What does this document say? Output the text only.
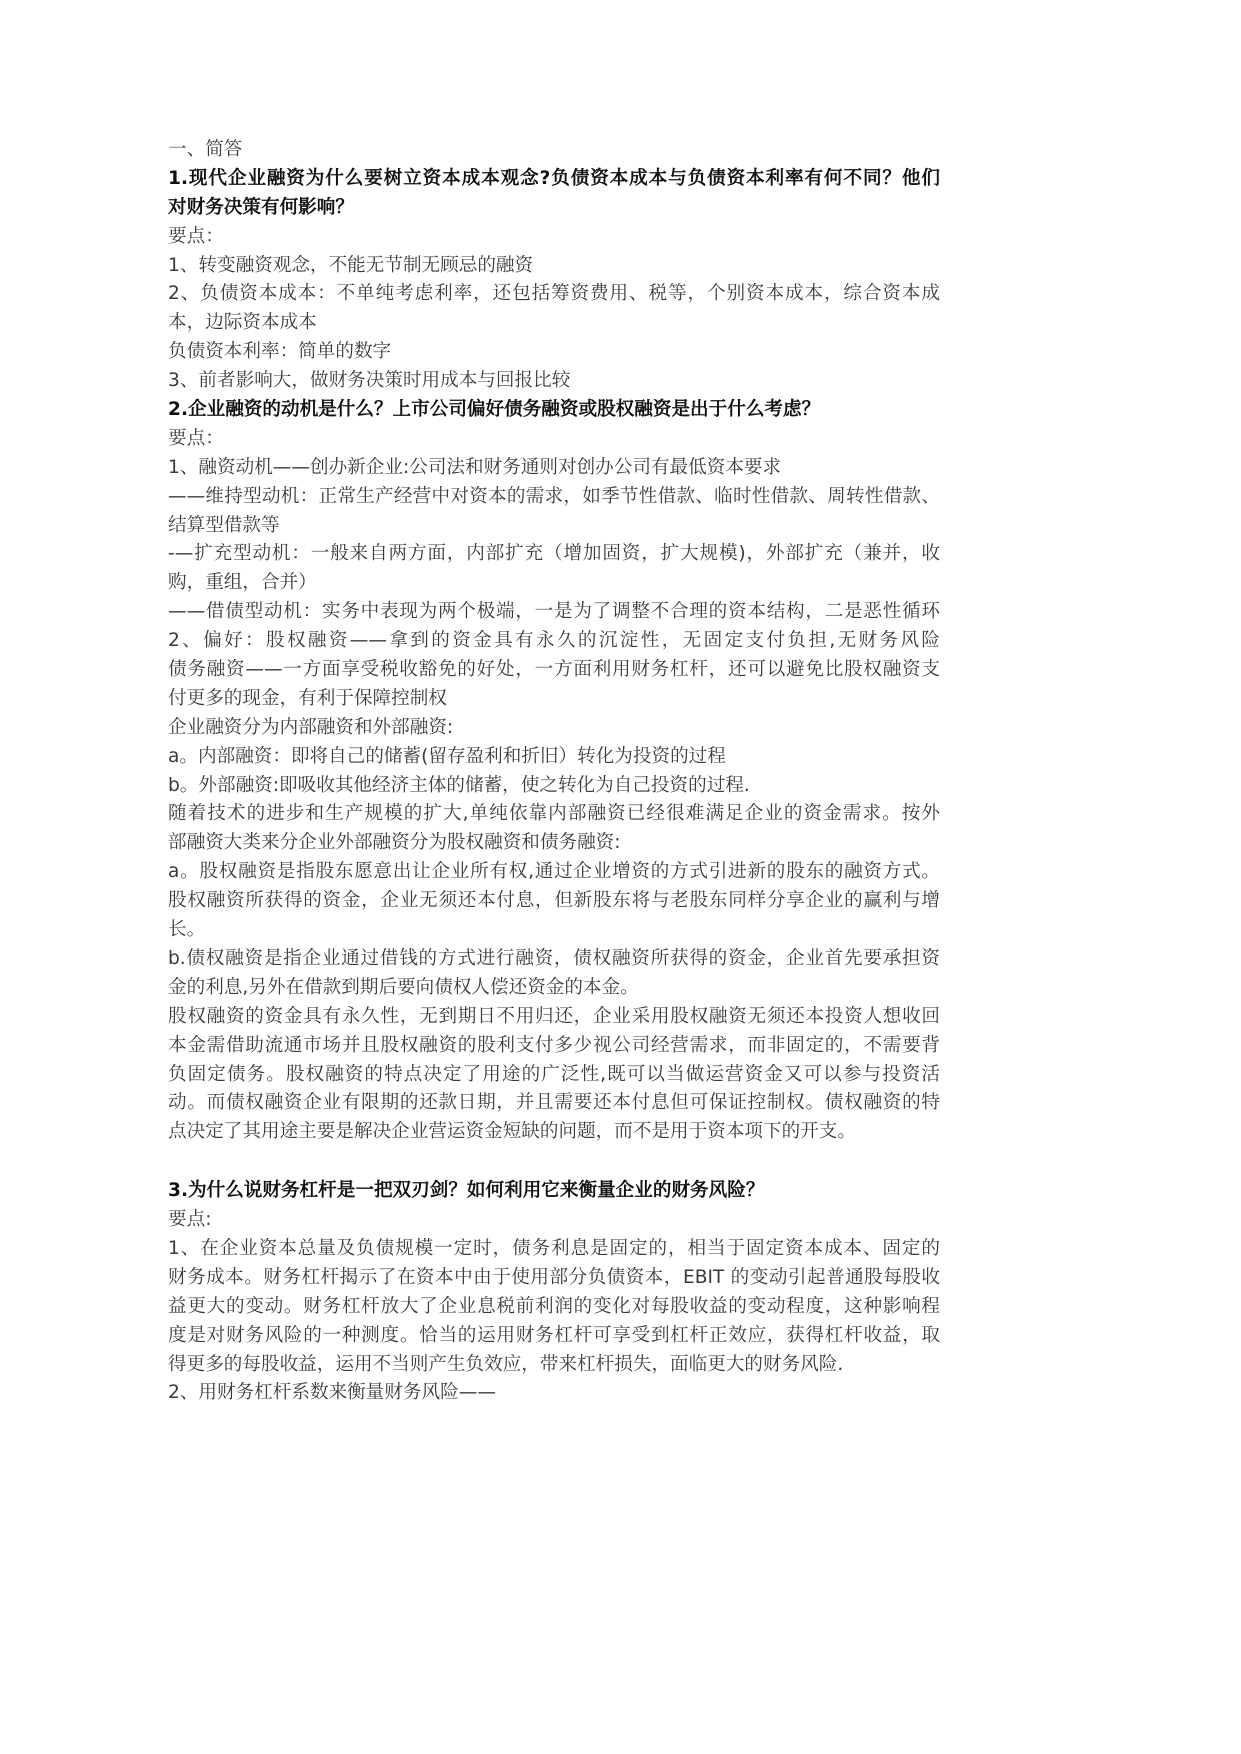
一、简答
1.现代企业融资为什么要树立资本成本观念?负债资本成本与负债资本利率有何不同？他们
对财务决策有何影响？
要点：
1、转变融资观念，不能无节制无顾忌的融资
2、负债资本成本：不单纯考虑利率，还包括筹资费用、税等，个别资本成本，综合资本成
本，边际资本成本
负债资本利率：简单的数字
3、前者影响大，做财务决策时用成本与回报比较
2.企业融资的动机是什么？上市公司偏好债务融资或股权融资是出于什么考虑？
要点：
1、融资动机——创办新企业:公司法和财务通则对创办公司有最低资本要求
——维持型动机：正常生产经营中对资本的需求，如季节性借款、临时性借款、周转性借款、
结算型借款等
-—扩充型动机：一般来自两方面，内部扩充（增加固资，扩大规模)，外部扩充（兼并，收
购，重组，合并）
——借债型动机：实务中表现为两个极端，一是为了调整不合理的资本结构，二是恶性循环
2、偏好：股权融资——拿到的资金具有永久的沉淀性，无固定支付负担,无财务风险
债务融资——一方面享受税收豁免的好处，一方面利用财务杠杆，还可以避免比股权融资支
付更多的现金，有利于保障控制权
企业融资分为内部融资和外部融资:
a。内部融资：即将自己的储蓄(留存盈利和折旧）转化为投资的过程
b。外部融资:即吸收其他经济主体的储蓄，使之转化为自己投资的过程.
随着技术的进步和生产规模的扩大,单纯依靠内部融资已经很难满足企业的资金需求。按外
部融资大类来分企业外部融资分为股权融资和债务融资:
a。股权融资是指股东愿意出让企业所有权,通过企业增资的方式引进新的股东的融资方式。
股权融资所获得的资金，企业无须还本付息，但新股东将与老股东同样分享企业的赢利与增
长。
b.债权融资是指企业通过借钱的方式进行融资，债权融资所获得的资金，企业首先要承担资
金的利息,另外在借款到期后要向债权人偿还资金的本金。
股权融资的资金具有永久性，无到期日不用归还，企业采用股权融资无须还本投资人想收回
本金需借助流通市场并且股权融资的股利支付多少视公司经营需求，而非固定的，不需要背
负固定债务。股权融资的特点决定了用途的广泛性,既可以当做运营资金又可以参与投资活
动。而债权融资企业有限期的还款日期，并且需要还本付息但可保证控制权。债权融资的特
点决定了其用途主要是解决企业营运资金短缺的问题，而不是用于资本项下的开支。
3.为什么说财务杠杆是一把双刃剑？如何利用它来衡量企业的财务风险？
要点:
1、在企业资本总量及负债规模一定时，债务利息是固定的，相当于固定资本成本、固定的
财务成本。财务杠杆揭示了在资本中由于使用部分负债资本，EBIT 的变动引起普通股每股收
益更大的变动。财务杠杆放大了企业息税前利润的变化对每股收益的变动程度，这种影响程
度是对财务风险的一种测度。恰当的运用财务杠杆可享受到杠杆正效应，获得杠杆收益，取
得更多的每股收益，运用不当则产生负效应，带来杠杆损失，面临更大的财务风险.
2、用财务杠杆系数来衡量财务风险——
